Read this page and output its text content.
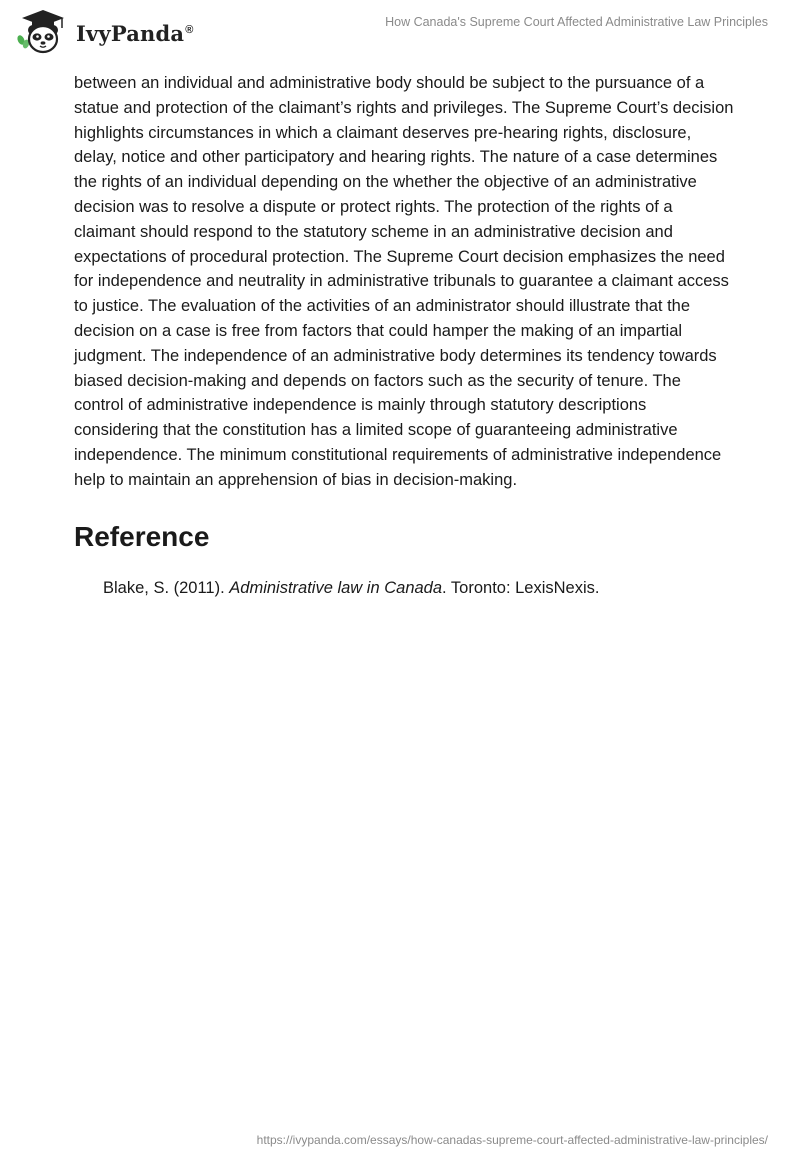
IvyPanda®
How Canada's Supreme Court Affected Administrative Law Principles

between an individual and administrative body should be subject to the pursuance of a statue and protection of the claimant’s rights and privileges. The Supreme Court’s decision highlights circumstances in which a claimant deserves pre-hearing rights, disclosure, delay, notice and other participatory and hearing rights. The nature of a case determines the rights of an individual depending on the whether the objective of an administrative decision was to resolve a dispute or protect rights. The protection of the rights of a claimant should respond to the statutory scheme in an administrative decision and expectations of procedural protection. The Supreme Court decision emphasizes the need for independence and neutrality in administrative tribunals to guarantee a claimant access to justice. The evaluation of the activities of an administrator should illustrate that the decision on a case is free from factors that could hamper the making of an impartial judgment. The independence of an administrative body determines its tendency towards biased decision-making and depends on factors such as the security of tenure. The control of administrative independence is mainly through statutory descriptions considering that the constitution has a limited scope of guaranteeing administrative independence. The minimum constitutional requirements of administrative independence help to maintain an apprehension of bias in decision-making.

Reference

Blake, S. (2011). Administrative law in Canada. Toronto: LexisNexis.

https://ivypanda.com/essays/how-canadas-supreme-court-affected-administrative-law-principles/
